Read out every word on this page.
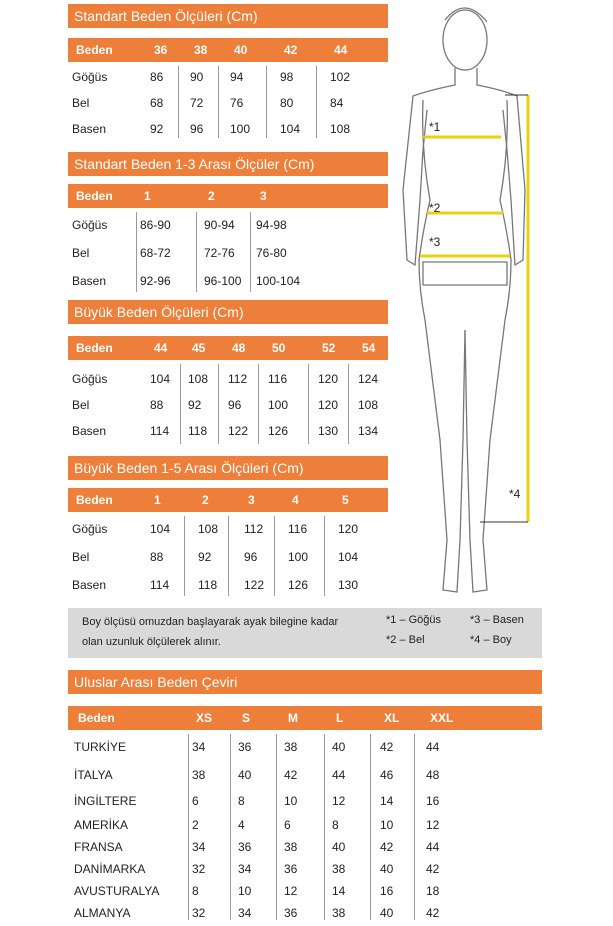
Standart Beden Ölçüleri (Cm)
Beden	36 38 40	42	44
Göğüs	86 90 94	98	102
Bel	68 72 76	80	84
Basen	92 96 100 104 108
Standart Beden 1-3 Arası Ölçüler (Cm)
Beden	1	2	3
Göğüs	86-90	90-94 94-98
Bel	68-72	72-76 76-80
Basen	92-96	96-100 100-104
Büyük Beden Ölçüleri (Cm)
Beden	44 45 48 50	52 54
Göğüs	104 108 112 116	120 124
Bel	88 92 96 100 120 108
Basen	114 118 122 126 130 134
Büyük Beden 1-5 Arası Ölçüleri (Cm)
Beden	1	2	3	4	5
Göğüs	104 108 112 116	120
Bel	88	92	96	100 104
Basen	114 118 122 126 130
Uluslar Arası Beden Çeviri
Beden	XS S	M	L	XL	XXL
TURKİYE	34	36	38	40	42	44
İTALYA	38	40	42	44	46	48
İNGİLTERE	6	8	10	12	14	16
AMERİKA	2	4	6	8	10	12
FRANSA	34	36	38	40	42	44
DANİMARKA	32	34	36	38	40	42
AVUSTURALYA	8	10	12	14	16	18
ALMANYA	32	34	36	38	40	42
Boy ölçüsü omuzdan başlayarak ayak bilegine kadar
olan uzunluk ölçülerek alınır.
*1 – Göğüs
*2 – Bel
*3 – Basen
*4 – Boy
*1
*2
*3
*4
